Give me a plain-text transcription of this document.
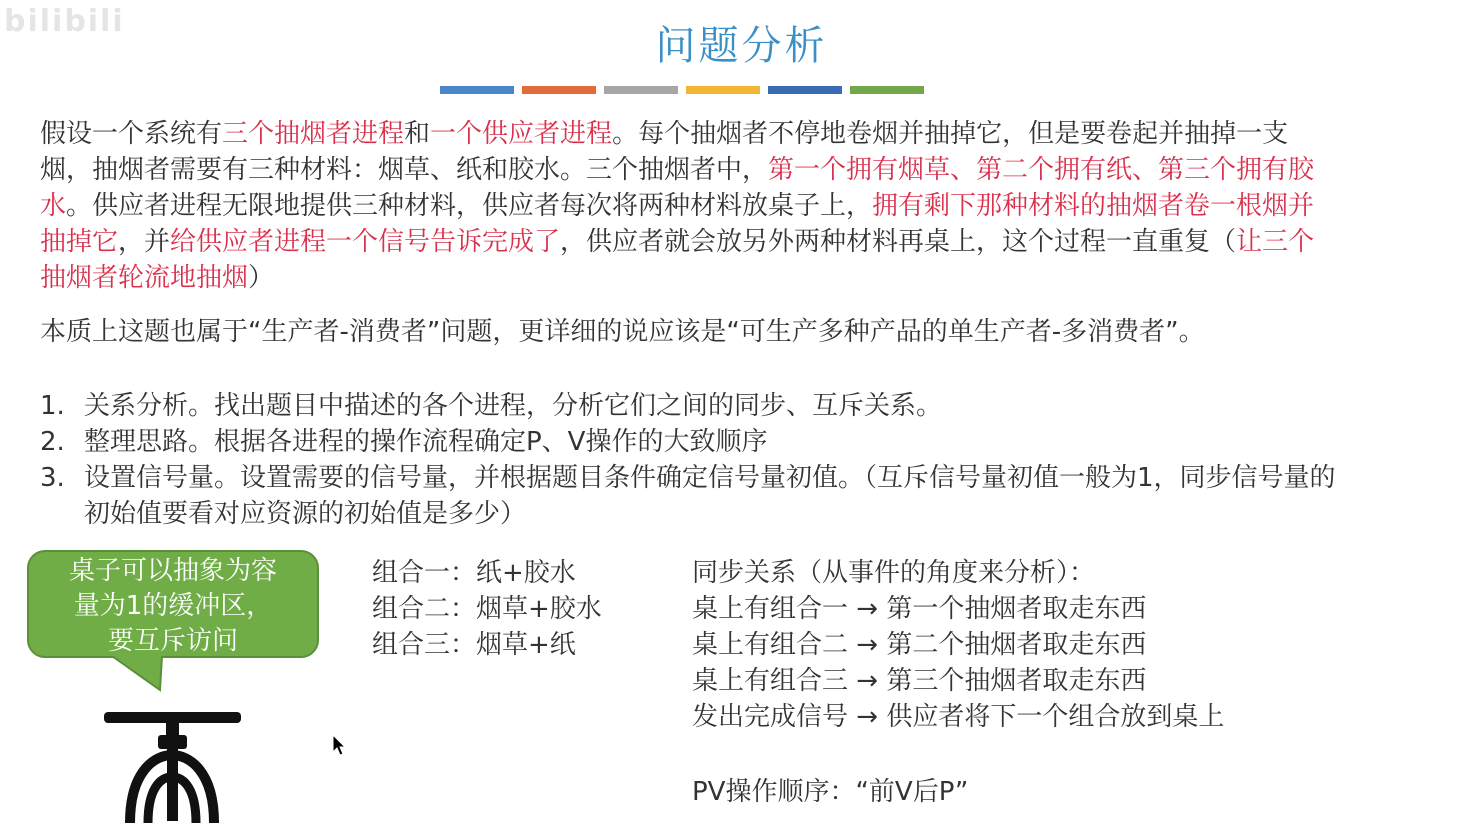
bilibili
问题分析
假设一个系统有三个抽烟者进程和一个供应者进程。每个抽烟者不停地卷烟并抽掉它，但是要卷起并抽掉一支烟，抽烟者需要有三种材料：烟草、纸和胶水。三个抽烟者中，第一个拥有烟草、第二个拥有纸、第三个拥有胶水。供应者进程无限地提供三种材料，供应者每次将两种材料放桌子上，拥有剩下那种材料的抽烟者卷一根烟并抽掉它，并给供应者进程一个信号告诉完成了，供应者就会放另外两种材料再桌上，这个过程一直重复（让三个抽烟者轮流地抽烟）
本质上这题也属于“生产者-消费者”问题，更详细的说应该是“可生产多种产品的单生产者-多消费者”。
1. 关系分析。找出题目中描述的各个进程，分析它们之间的同步、互斥关系。
2. 整理思路。根据各进程的操作流程确定P、V操作的大致顺序
3. 设置信号量。设置需要的信号量，并根据题目条件确定信号量初值。（互斥信号量初值一般为1，同步信号量的初始值要看对应资源的初始值是多少）
桌子可以抽象为容
量为1的缓冲区，
要互斥访问
组合一：纸+胶水
组合二：烟草+胶水
组合三：烟草+纸
同步关系（从事件的角度来分析）：
桌上有组合一 → 第一个抽烟者取走东西
桌上有组合二 → 第二个抽烟者取走东西
桌上有组合三 → 第三个抽烟者取走东西
发出完成信号 → 供应者将下一个组合放到桌上
PV操作顺序：“前V后P”
